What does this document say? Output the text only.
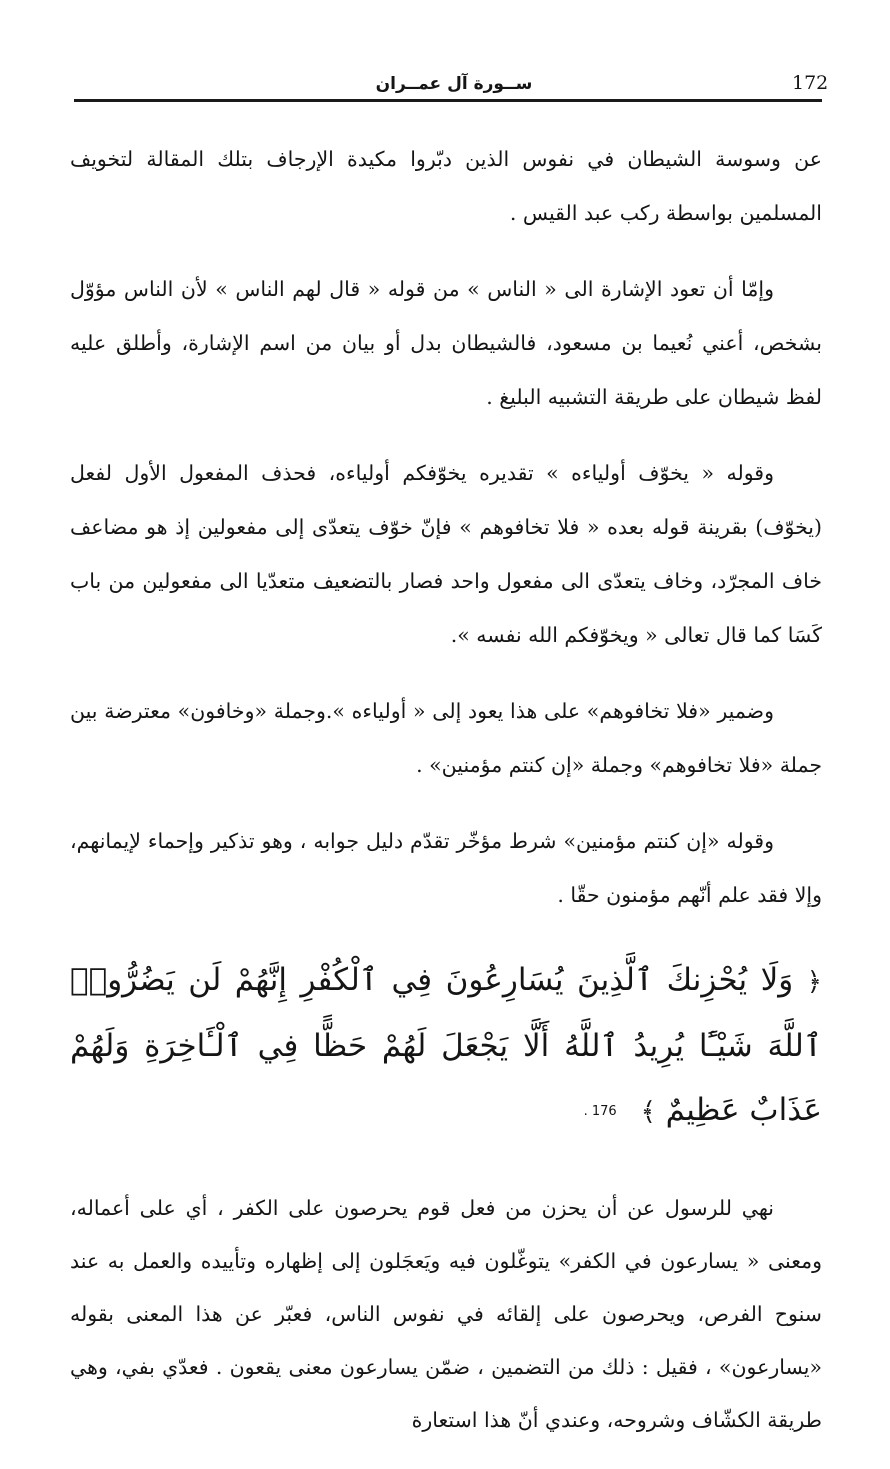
172
ســورة آل عمــران

عن وسوسة الشيطان في نفوس الذين دبّروا مكيدة الإرجاف بتلك المقالة لتخويف المسلمين بواسطة ركب عبد القيس .

وإمّا أن تعود الإشارة الى « الناس » من قوله « قال لهم الناس » لأن الناس مؤوّل بشخص، أعني نُعيما بن مسعود، فالشيطان بدل أو بيان من اسم الإشارة، وأطلق عليه لفظ شيطان على طريقة التشبيه البليغ .

وقوله « يخوّف أولياءه » تقديره يخوّفكم أولياءه، فحذف المفعول الأول لفعل (يخوّف) بقرينة قوله بعده « فلا تخافوهم » فإنّ خوّف يتعدّى إلى مفعولين إذ هو مضاعف خاف المجرّد، وخاف يتعدّى الى مفعول واحد فصار بالتضعيف متعدّيا الى مفعولين من باب كَسَا كما قال تعالى « ويخوّفكم الله نفسه ».

وضمير «فلا تخافوهم» على هذا يعود إلى « أولياءه ».وجملة «وخافون» معترضة بين جملة «فلا تخافوهم» وجملة «إن كنتم مؤمنين» .

وقوله «إن كنتم مؤمنين» شرط مؤخّر تقدّم دليل جوابه ، وهو تذكير وإحماء لإيمانهم، وإلا فقد علم أنّهم مؤمنون حقّا .

﴿ وَلَا يُحْزِنكَ ٱلَّذِينَ يُسَارِعُونَ فِي ٱلْكُفْرِ إِنَّهُمْ لَن يَضُرُّوا۟ ٱللَّهَ شَيْـًٔا يُرِيدُ ٱللَّهُ أَلَّا يَجْعَلَ لَهُمْ حَظًّا فِي ٱلْـَٔاخِرَةِ وَلَهُمْ عَذَابٌ عَظِيمٌ ﴾ 176 .

نهي للرسول عن أن يحزن من فعل قوم يحرصون على الكفر ، أي على أعماله، ومعنى « يسارعون في الكفر» يتوغّلون فيه ويَعجَلون إلى إظهاره وتأييده والعمل به عند سنوح الفرص، ويحرصون على إلقائه في نفوس الناس، فعبّر عن هذا المعنى بقوله «يسارعون» ، فقيل : ذلك من التضمين ، ضمّن يسارعون معنى يقعون . فعدّي بفي، وهي طريقة الكشّاف وشروحه، وعندي أنّ هذا استعارة
